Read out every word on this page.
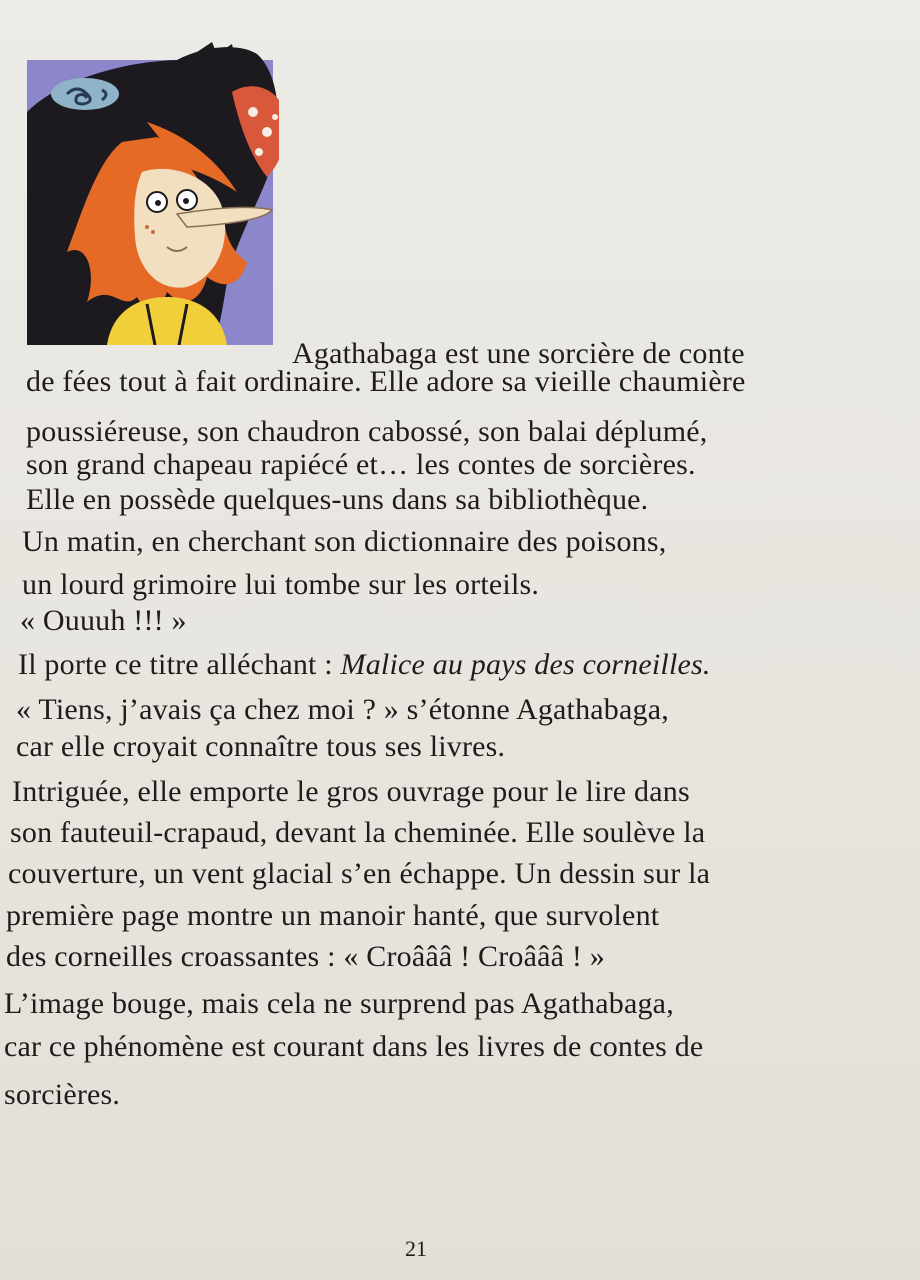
Agathabaga est une sorcière de conte
de fées tout à fait ordinaire. Elle adore sa vieille chaumière
poussiéreuse, son chaudron cabossé, son balai déplumé,
son grand chapeau rapiécé et… les contes de sorcières.
Elle en possède quelques-uns dans sa bibliothèque.
Un matin, en cherchant son dictionnaire des poisons,
un lourd grimoire lui tombe sur les orteils.
« Ouuuh !!! »
Il porte ce titre alléchant : Malice au pays des corneilles.
« Tiens, j’avais ça chez moi ? » s’étonne Agathabaga,
car elle croyait connaître tous ses livres.
Intriguée, elle emporte le gros ouvrage pour le lire dans
son fauteuil-crapaud, devant la cheminée. Elle soulève la
couverture, un vent glacial s’en échappe. Un dessin sur la
première page montre un manoir hanté, que survolent
des corneilles croassantes : « Croâââ ! Croâââ ! »
L’image bouge, mais cela ne surprend pas Agathabaga,
car ce phénomène est courant dans les livres de contes de
sorcières.
21
